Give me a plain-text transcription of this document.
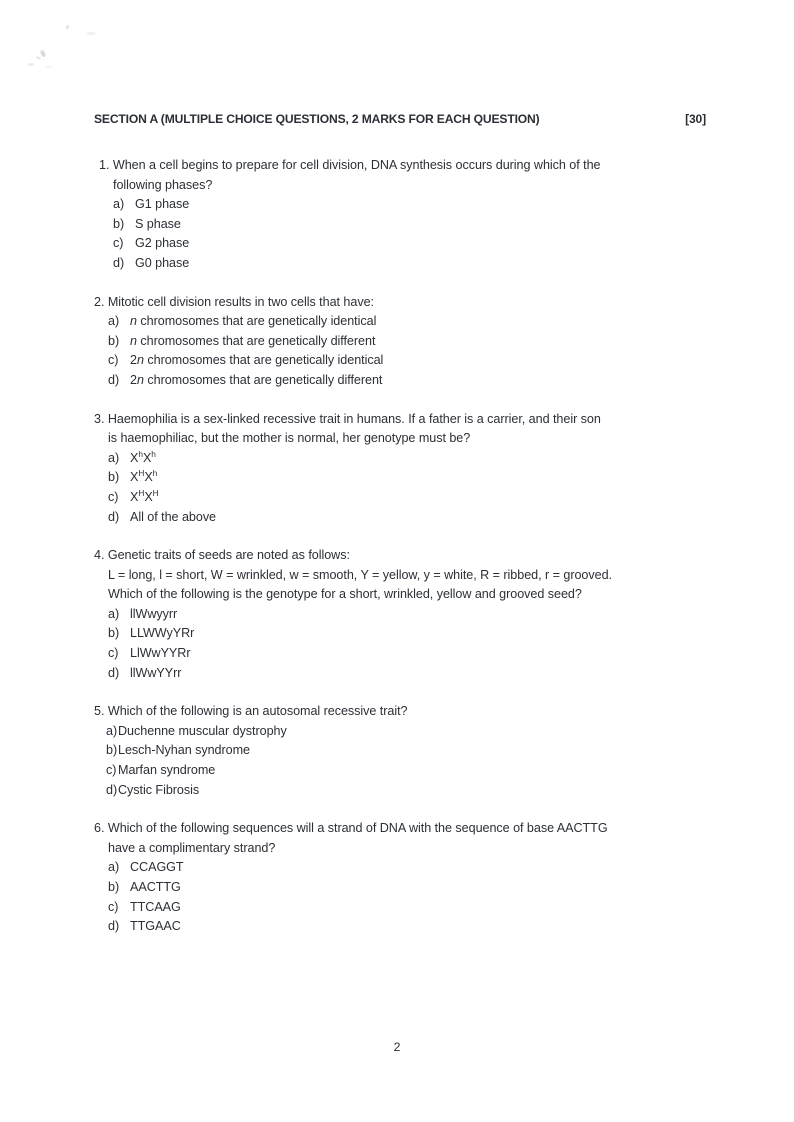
SECTION A (MULTIPLE CHOICE QUESTIONS, 2 MARKS FOR EACH QUESTION)	[30]
1. When a cell begins to prepare for cell division, DNA synthesis occurs during which of the
following phases?
a) G1 phase
b) S phase
c) G2 phase
d) G0 phase
2. Mitotic cell division results in two cells that have:
a) n chromosomes that are genetically identical
b) n chromosomes that are genetically different
c) 2n chromosomes that are genetically identical
d) 2n chromosomes that are genetically different
3. Haemophilia is a sex-linked recessive trait in humans. If a father is a carrier, and their son
is haemophiliac, but the mother is normal, her genotype must be?
a) $X^hX^h$
b) $X^HX^h$
c) $X^HX^H$
d) All of the above
4. Genetic traits of seeds are noted as follows:
L = long, l = short, W = wrinkled, w = smooth, Y = yellow, y = white, R = ribbed, r = grooved.
Which of the following is the genotype for a short, wrinkled, yellow and grooved seed?
a) llWwyyrr
b) LLWWyYRr
c) LlWwYYRr
d) llWwYYrr
5. Which of the following is an autosomal recessive trait?
a) Duchenne muscular dystrophy
b) Lesch-Nyhan syndrome
c) Marfan syndrome
d) Cystic Fibrosis
6. Which of the following sequences will a strand of DNA with the sequence of base AACTTG
have a complimentary strand?
a) CCAGGT
b) AACTTG
c) TTCAAG
d) TTGAAC
2
